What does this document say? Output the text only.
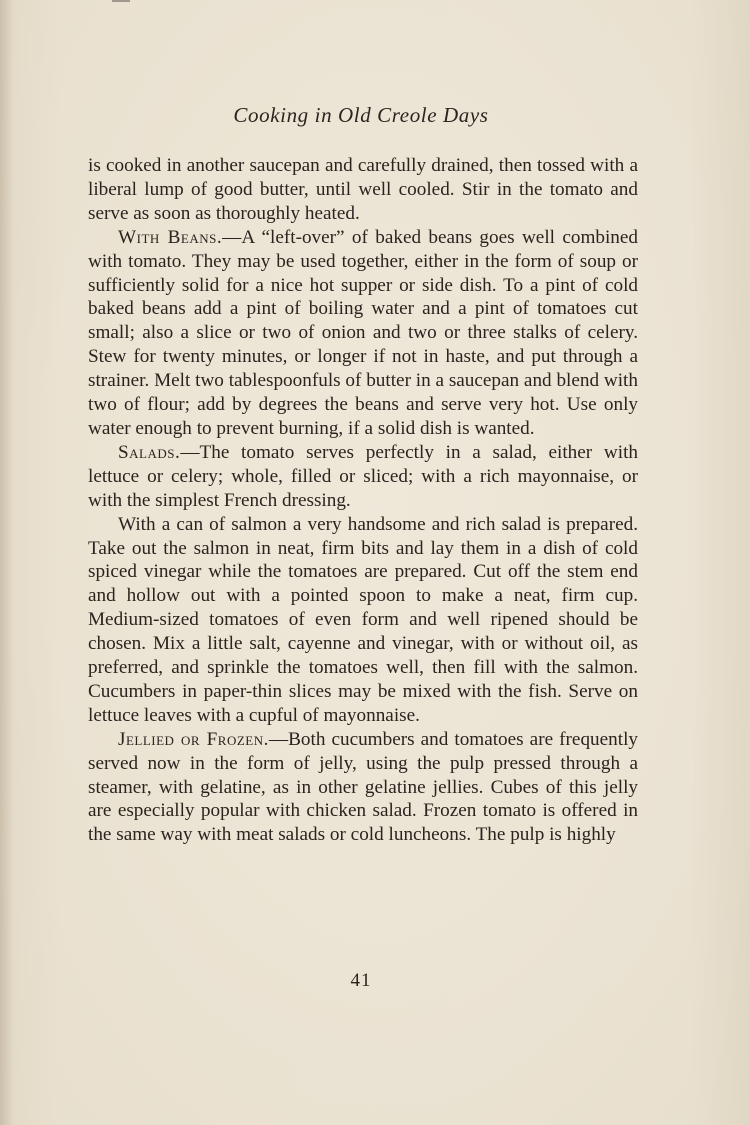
Cooking in Old Creole Days

is cooked in another saucepan and carefully drained, then tossed with a liberal lump of good butter, until well cooled. Stir in the tomato and serve as soon as thoroughly heated.

With Beans.—A “left-over” of baked beans goes well combined with tomato. They may be used together, either in the form of soup or sufficiently solid for a nice hot supper or side dish. To a pint of cold baked beans add a pint of boiling water and a pint of tomatoes cut small; also a slice or two of onion and two or three stalks of celery. Stew for twenty minutes, or longer if not in haste, and put through a strainer. Melt two tablespoonfuls of butter in a saucepan and blend with two of flour; add by degrees the beans and serve very hot. Use only water enough to prevent burning, if a solid dish is wanted.

Salads.—The tomato serves perfectly in a salad, either with lettuce or celery; whole, filled or sliced; with a rich mayonnaise, or with the simplest French dressing.

With a can of salmon a very handsome and rich salad is prepared. Take out the salmon in neat, firm bits and lay them in a dish of cold spiced vinegar while the tomatoes are prepared. Cut off the stem end and hollow out with a pointed spoon to make a neat, firm cup. Medium-sized tomatoes of even form and well ripened should be chosen. Mix a little salt, cayenne and vinegar, with or without oil, as preferred, and sprinkle the tomatoes well, then fill with the salmon. Cucumbers in paper-thin slices may be mixed with the fish. Serve on lettuce leaves with a cupful of mayonnaise.

Jellied or Frozen.—Both cucumbers and tomatoes are frequently served now in the form of jelly, using the pulp pressed through a steamer, with gelatine, as in other gelatine jellies. Cubes of this jelly are especially popular with chicken salad. Frozen tomato is offered in the same way with meat salads or cold luncheons. The pulp is highly

41
